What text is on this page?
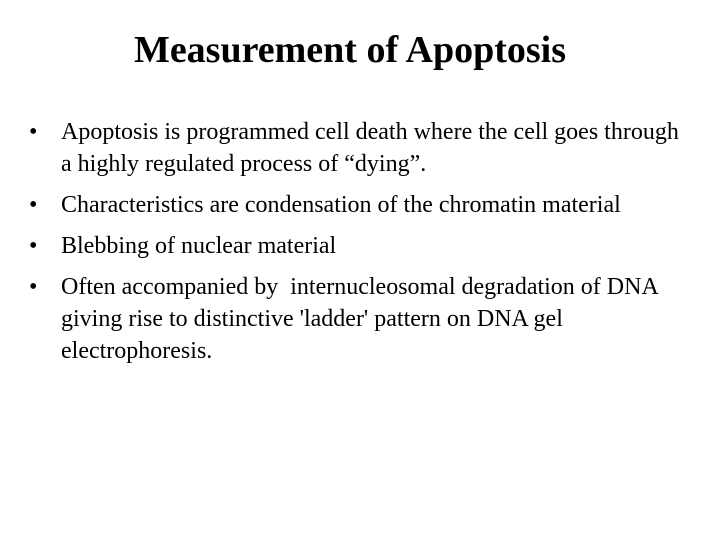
Measurement of Apoptosis
• Apoptosis is programmed cell death where the cell goes through a highly regulated process of “dying”.
• Characteristics are condensation of the chromatin material
• Blebbing of nuclear material
• Often accompanied by  internucleosomal degradation of DNA giving rise to distinctive 'ladder' pattern on DNA gel electrophoresis.
